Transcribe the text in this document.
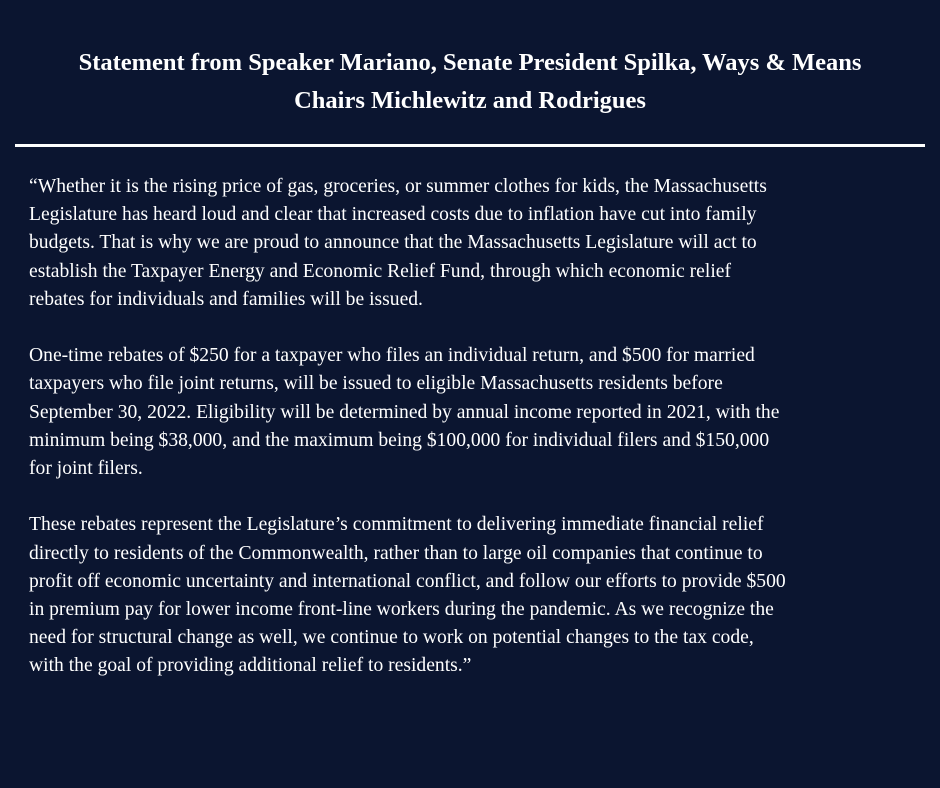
Statement from Speaker Mariano, Senate President Spilka, Ways & Means
Chairs Michlewitz and Rodrigues
“Whether it is the rising price of gas, groceries, or summer clothes for kids, the Massachusetts
Legislature has heard loud and clear that increased costs due to inflation have cut into family
budgets. That is why we are proud to announce that the Massachusetts Legislature will act to
establish the Taxpayer Energy and Economic Relief Fund, through which economic relief
rebates for individuals and families will be issued.
One-time rebates of $250 for a taxpayer who files an individual return, and $500 for married
taxpayers who file joint returns, will be issued to eligible Massachusetts residents before
September 30, 2022. Eligibility will be determined by annual income reported in 2021, with the
minimum being $38,000, and the maximum being $100,000 for individual filers and $150,000
for joint filers.
These rebates represent the Legislature’s commitment to delivering immediate financial relief
directly to residents of the Commonwealth, rather than to large oil companies that continue to
profit off economic uncertainty and international conflict, and follow our efforts to provide $500
in premium pay for lower income front-line workers during the pandemic. As we recognize the
need for structural change as well, we continue to work on potential changes to the tax code,
with the goal of providing additional relief to residents.”
